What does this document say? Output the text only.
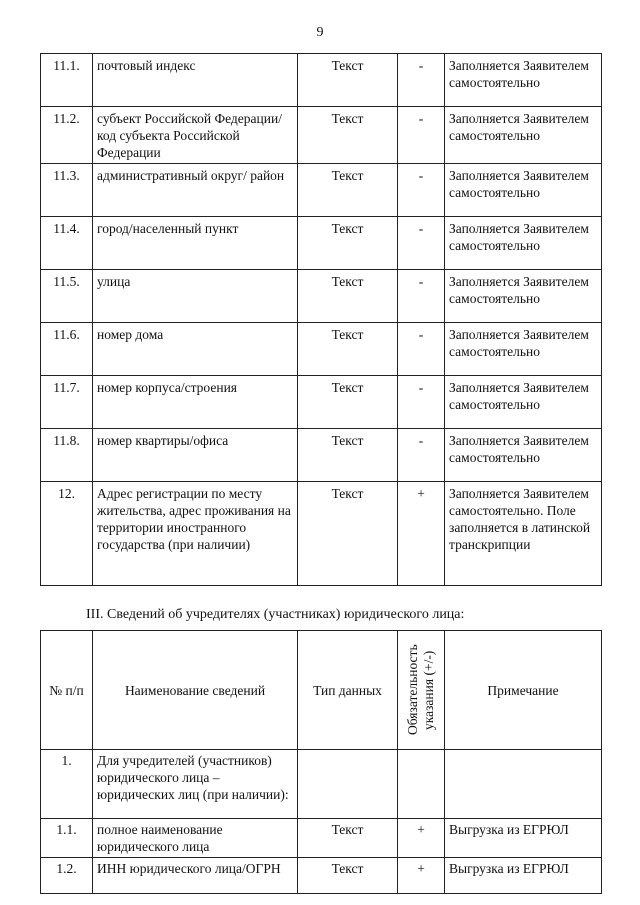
9
11.1.	почтовый индекс	Текст	-	Заполняется Заявителем самостоятельно
11.2.	субъект Российской Федерации/код субъекта Российской Федерации	Текст	-	Заполняется Заявителем самостоятельно
11.3.	административный округ/ район	Текст	-	Заполняется Заявителем самостоятельно
11.4.	город/населенный пункт	Текст	-	Заполняется Заявителем самостоятельно
11.5.	улица	Текст	-	Заполняется Заявителем самостоятельно
11.6.	номер дома	Текст	-	Заполняется Заявителем самостоятельно
11.7.	номер корпуса/строения	Текст	-	Заполняется Заявителем самостоятельно
11.8.	номер квартиры/офиса	Текст	-	Заполняется Заявителем самостоятельно
12.	Адрес регистрации по месту жительства, адрес проживания на территории иностранного государства (при наличии)	Текст	+	Заполняется Заявителем самостоятельно. Поле заполняется в латинской транскрипции
III. Сведений об учредителях (участниках) юридического лица:
№ п/п	Наименование сведений	Тип данных	Обязательность указания (+/-)	Примечание
1.	Для учредителей (участников) юридического лица – юридических лиц (при наличии):			
1.1.	полное наименование юридического лица	Текст	+	Выгрузка из ЕГРЮЛ
1.2.	ИНН юридического лица/ОГРН	Текст	+	Выгрузка из ЕГРЮЛ
